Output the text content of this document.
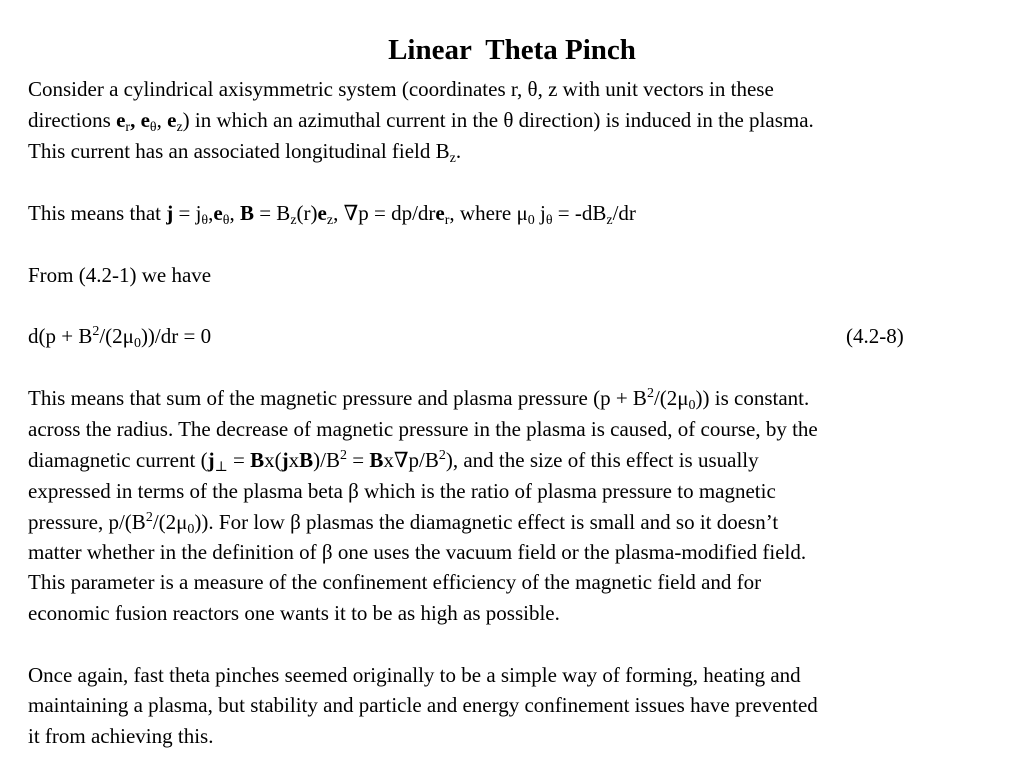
Linear  Theta Pinch
Consider a cylindrical axisymmetric system (coordinates r, θ, z with unit vectors in these
directions $e_r$, $e_\theta$, $e_z$) in which an azimuthal current in the θ direction) is induced in the plasma.
This current has an associated longitudinal field $B_z$.
This means that $j = j_\theta,e_\theta$, $B = B_z(r)e_z$, ∇p = dp/dre$_r$, where $\mu_0$ $j_\theta = -dB_z/dr$
From (4.2-1) we have
$d(p + B^2/(2\mu_0))/dr = 0$	(4.2-8)
This means that sum of the magnetic pressure and plasma pressure $(p + B^2/(2\mu_0))$ is constant.
across the radius. The decrease of magnetic pressure in the plasma is caused, of course, by the
diamagnetic current $(j_\perp = Bx(jxB)/B^2 = Bx\nabla p/B^2)$, and the size of this effect is usually
expressed in terms of the plasma beta β which is the ratio of plasma pressure to magnetic
pressure, $p/(B^2/(2\mu_0))$. For low β plasmas the diamagnetic effect is small and so it doesn’t
matter whether in the definition of β one uses the vacuum field or the plasma-modified field.
This parameter is a measure of the confinement efficiency of the magnetic field and for
economic fusion reactors one wants it to be as high as possible.
Once again, fast theta pinches seemed originally to be a simple way of forming, heating and
maintaining a plasma, but stability and particle and energy confinement issues have prevented
it from achieving this.
